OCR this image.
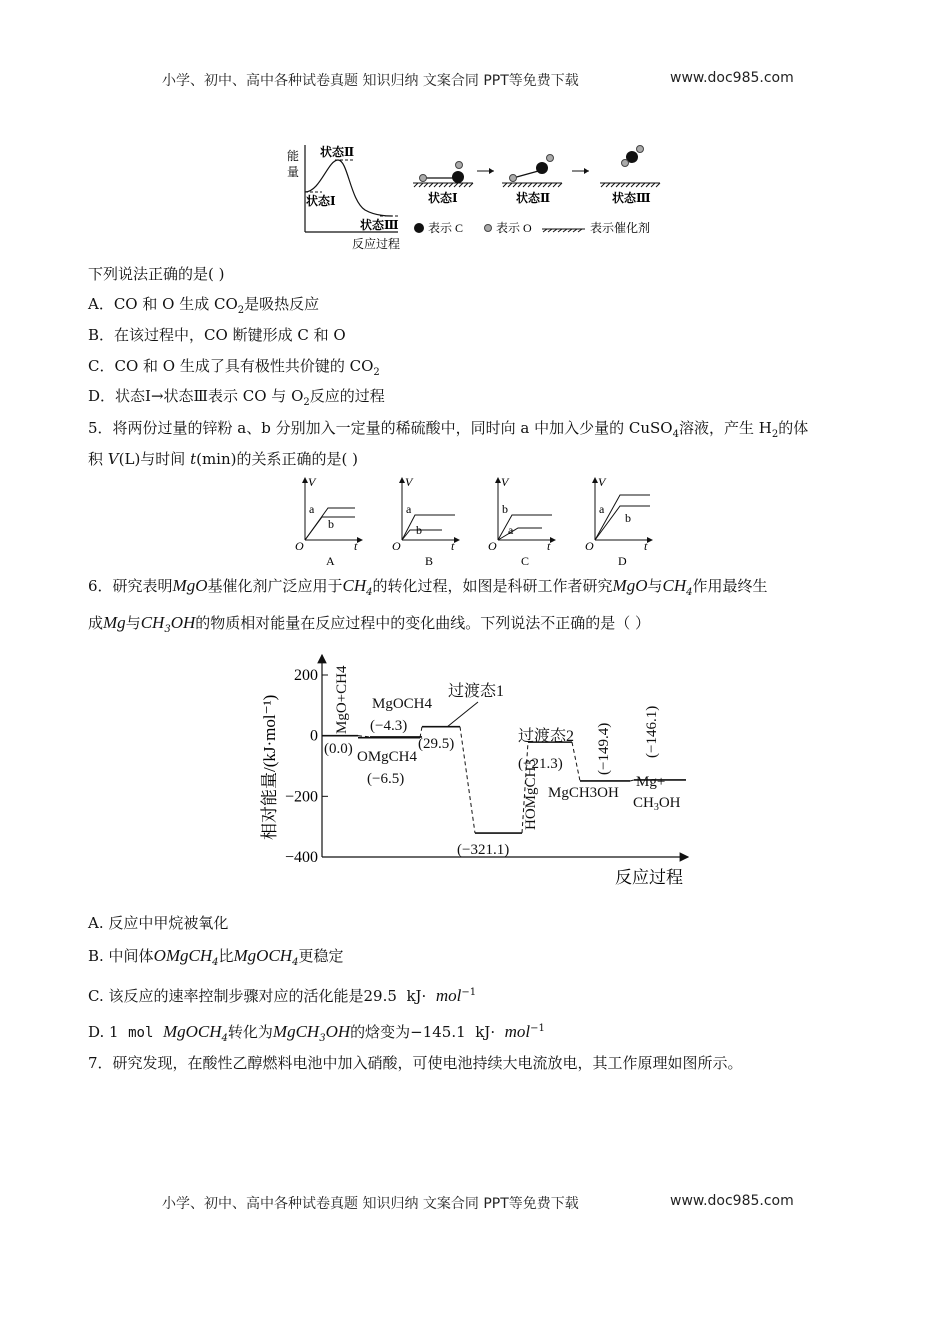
小学、初中、高中各种试卷真题 知识归纳 文案合同 PPT等免费下载	www.doc985.com
能
量
状态Ⅱ
状态Ⅰ
状态Ⅲ
反应过程
状态Ⅰ	状态Ⅱ	状态Ⅲ
表示 C	表示 O	表示催化剂
下列说法正确的是( )
A．CO 和 O 生成 $CO_2$是吸热反应
B．在该过程中，CO 断键形成 C 和 O
C．CO 和 O 生成了具有极性共价键的 $CO_2$
D．状态Ⅰ→状态Ⅲ表示 CO 与 $O_2$反应的过程
5．将两份过量的锌粉 a、b 分别加入一定量的稀硫酸中，同时向 a 中加入少量的 CuSO$_4$溶液，产生 $H_2$的体
积 V(L)与时间 t(min)的关系正确的是( )
V
O	t
a
b
A
V
O	t
a
b
B
V
O	t
b
a
C
V
O	t
a
b
D
6．研究表明MgO基催化剂广泛应用于$CH_4$的转化过程，如图是科研工作者研究MgO与$CH_4$作用最终生
成Mg与$CH_3OH$的物质相对能量在反应过程中的变化曲线。下列说法不正确的是（ ）
200
0
−200
−400
相对能量/(kJ·mol⁻¹)
反应过程
MgO+CH4
(0.0)
MgOCH4
(−4.3)
OMgCH4
(−6.5)
过渡态1
(29.5)
HOMgCH3
(−321.1)
过渡态2
(−21.3)
MgCH3OH
(−149.4) (−146.1)
Mg+
$CH_3OH$
A. 反应中甲烷被氧化
B. 中间体OMgCH$_4$比MgOCH$_4$更稳定
C. 该反应的速率控制步骤对应的活化能是29.5 kJ· mol$^{-1}$
D. 1 mol MgOCH$_4$转化为MgCH$_3$OH的焓变为−145.1 kJ· mol$^{-1}$
7．研究发现，在酸性乙醇燃料电池中加入硝酸，可使电池持续大电流放电，其工作原理如图所示。
小学、初中、高中各种试卷真题 知识归纳 文案合同 PPT等免费下载	www.doc985.com
